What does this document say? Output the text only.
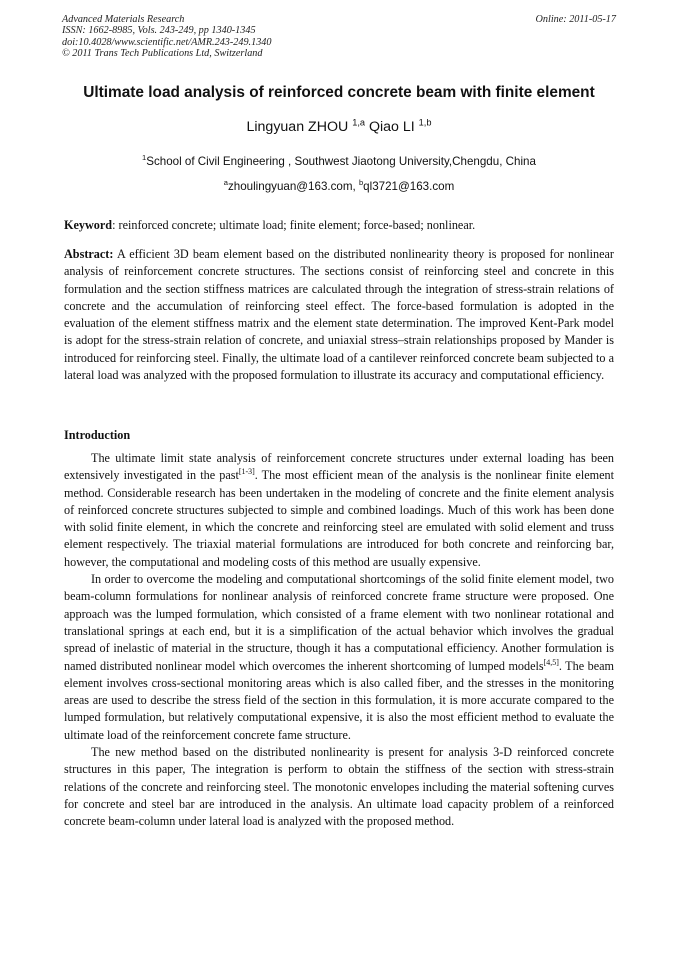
Advanced Materials Research
ISSN: 1662-8985, Vols. 243-249, pp 1340-1345
doi:10.4028/www.scientific.net/AMR.243-249.1340
© 2011 Trans Tech Publications Ltd, Switzerland
Online: 2011-05-17
Ultimate load analysis of reinforced concrete beam with finite element
Lingyuan ZHOU $^{1,a}$ Qiao LI $^{1,b}$
$^1$School of Civil Engineering , Southwest Jiaotong University,Chengdu, China
$^a$zhoulingyuan@163.com, $^b$ql3721@163.com

Keyword: reinforced concrete; ultimate load; finite element; force-based; nonlinear.

Abstract: A efficient 3D beam element based on the distributed nonlinearity theory is proposed for nonlinear analysis of reinforcement concrete structures. The sections consist of reinforcing steel and concrete in this formulation and the section stiffness matrices are calculated through the integration of stress-strain relations of concrete and the accumulation of reinforcing steel effect. The force-based formulation is adopted in the evaluation of the element stiffness matrix and the element state determination. The improved Kent-Park model is adopt for the stress-strain relation of concrete, and uniaxial stress–strain relationships proposed by Mander is introduced for reinforcing steel. Finally, the ultimate load of a cantilever reinforced concrete beam subjected to a lateral load was analyzed with the proposed formulation to illustrate its accuracy and computational efficiency.

Introduction

The ultimate limit state analysis of reinforcement concrete structures under external loading has been extensively investigated in the past[1-3]. The most efficient mean of the analysis is the nonlinear finite element method. Considerable research has been undertaken in the modeling of concrete and the finite element analysis of reinforced concrete structures subjected to simple and combined loadings. Much of this work has been done with solid finite element, in which the concrete and reinforcing steel are emulated with solid element and truss element respectively. The triaxial material formulations are introduced for both concrete and reinforcing bar, however, the computational and modeling costs of this method are usually expensive.

In order to overcome the modeling and computational shortcomings of the solid finite element model, two beam-column formulations for nonlinear analysis of reinforced concrete frame structure were proposed. One approach was the lumped formulation, which consisted of a frame element with two nonlinear rotational and translational springs at each end, but it is a simplification of the actual behavior which involves the gradual spread of inelastic of material in the structure, though it has a computational efficiency. Another formulation is named distributed nonlinear model which overcomes the inherent shortcoming of lumped models[4,5]. The beam element involves cross-sectional monitoring areas which is also called fiber, and the stresses in the monitoring areas are used to describe the stress field of the section in this formulation, it is more accurate compared to the lumped formulation, but relatively computational expensive, it is also the most efficient method to evaluate the ultimate load of the reinforcement concrete fame structure.

The new method based on the distributed nonlinearity is present for analysis 3-D reinforced concrete structures in this paper, The integration is perform to obtain the stiffness of the section with stress-strain relations of the concrete and reinforcing steel. The monotonic envelopes including the material softening curves for concrete and steel bar are introduced in the analysis. An ultimate load capacity problem of a reinforced concrete beam-column under lateral load is analyzed with the proposed method.
